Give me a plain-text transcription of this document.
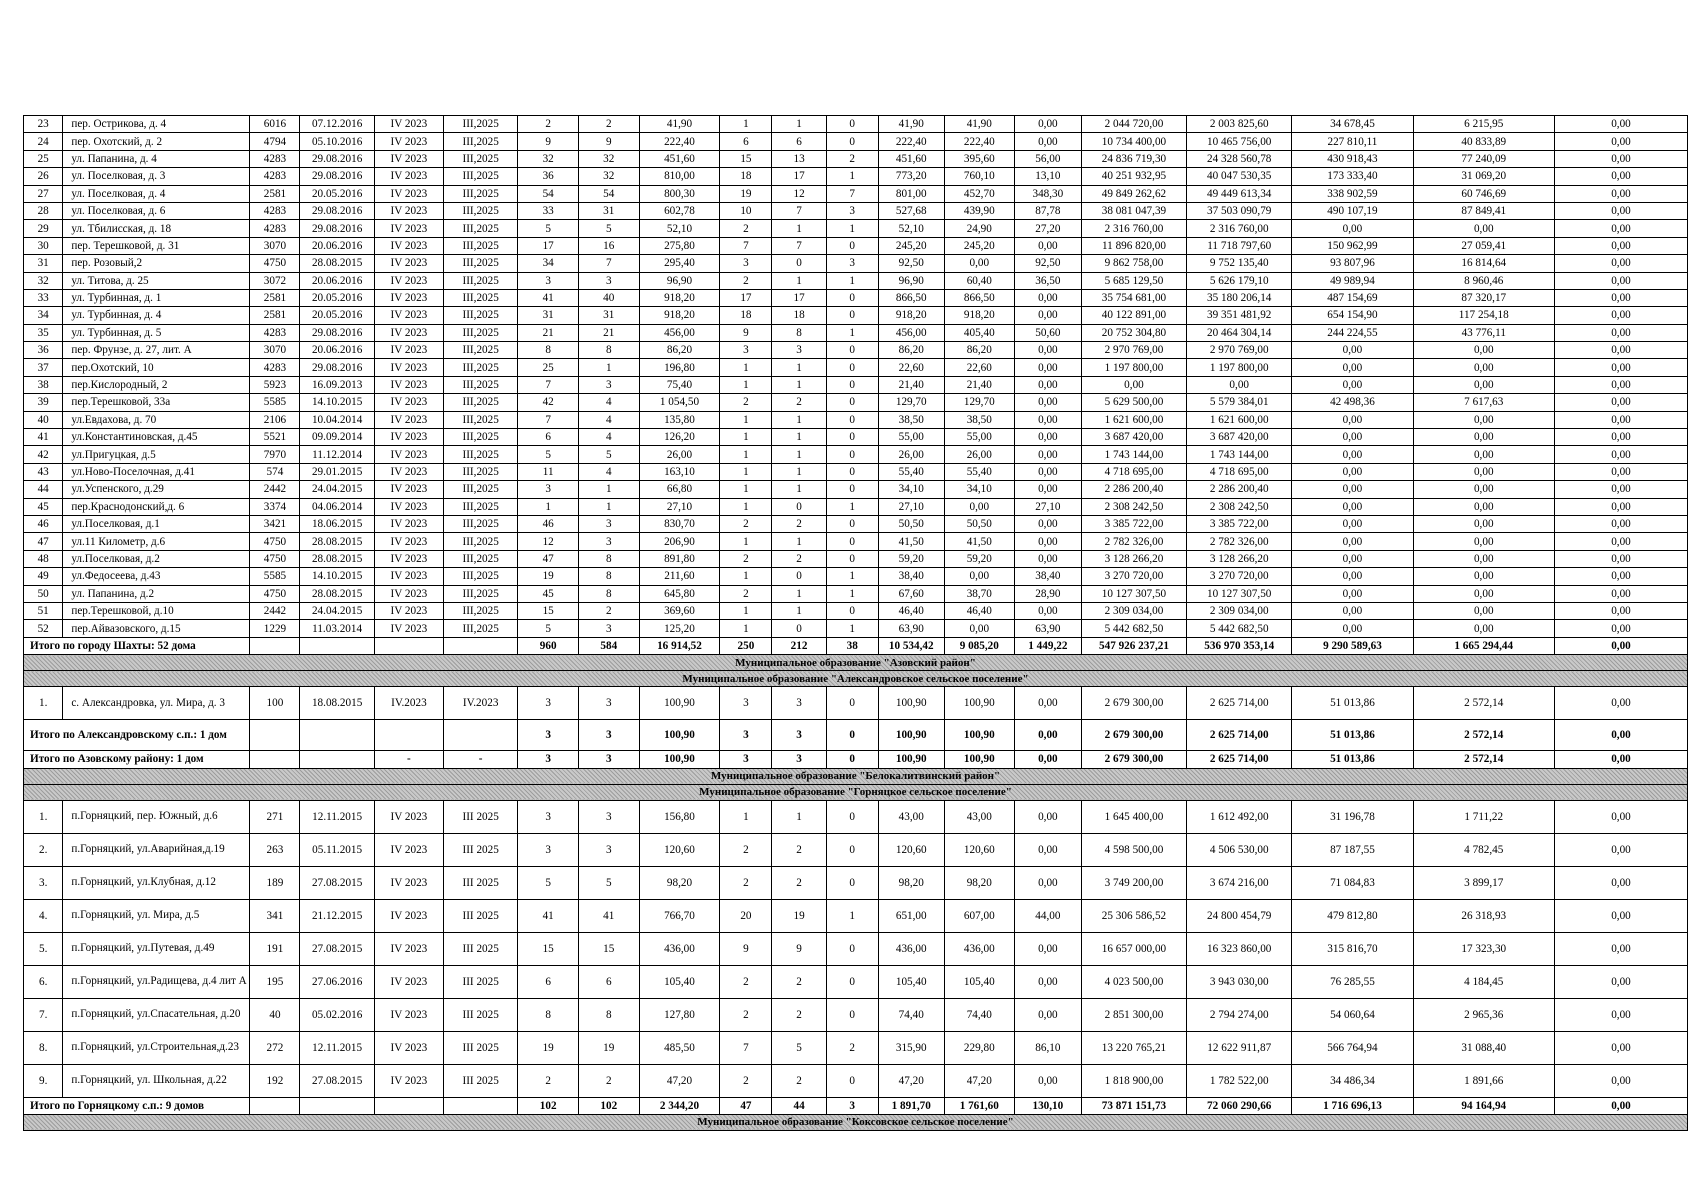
23	пер. Острикова, д. 4	6016	07.12.2016	IV 2023	III,2025	2	2	41,90	1	1	0	41,90	41,90	0,00	2 044 720,00	2 003 825,60	34 678,45	6 215,95	0,00
24	пер. Охотский, д. 2	4794	05.10.2016	IV 2023	III,2025	9	9	222,40	6	6	0	222,40	222,40	0,00	10 734 400,00	10 465 756,00	227 810,11	40 833,89	0,00
25	ул. Папанина, д. 4	4283	29.08.2016	IV 2023	III,2025	32	32	451,60	15	13	2	451,60	395,60	56,00	24 836 719,30	24 328 560,78	430 918,43	77 240,09	0,00
26	ул. Поселковая, д. 3	4283	29.08.2016	IV 2023	III,2025	36	32	810,00	18	17	1	773,20	760,10	13,10	40 251 932,95	40 047 530,35	173 333,40	31 069,20	0,00
27	ул. Поселковая, д. 4	2581	20.05.2016	IV 2023	III,2025	54	54	800,30	19	12	7	801,00	452,70	348,30	49 849 262,62	49 449 613,34	338 902,59	60 746,69	0,00
28	ул. Поселковая, д. 6	4283	29.08.2016	IV 2023	III,2025	33	31	602,78	10	7	3	527,68	439,90	87,78	38 081 047,39	37 503 090,79	490 107,19	87 849,41	0,00
29	ул. Тбилисская, д. 18	4283	29.08.2016	IV 2023	III,2025	5	5	52,10	2	1	1	52,10	24,90	27,20	2 316 760,00	2 316 760,00	0,00	0,00	0,00
30	пер. Терешковой, д. 31	3070	20.06.2016	IV 2023	III,2025	17	16	275,80	7	7	0	245,20	245,20	0,00	11 896 820,00	11 718 797,60	150 962,99	27 059,41	0,00
31	пер. Розовый,2	4750	28.08.2015	IV 2023	III,2025	34	7	295,40	3	0	3	92,50	0,00	92,50	9 862 758,00	9 752 135,40	93 807,96	16 814,64	0,00
32	ул. Титова, д. 25	3072	20.06.2016	IV 2023	III,2025	3	3	96,90	2	1	1	96,90	60,40	36,50	5 685 129,50	5 626 179,10	49 989,94	8 960,46	0,00
33	ул. Турбинная, д. 1	2581	20.05.2016	IV 2023	III,2025	41	40	918,20	17	17	0	866,50	866,50	0,00	35 754 681,00	35 180 206,14	487 154,69	87 320,17	0,00
34	ул. Турбинная, д. 4	2581	20.05.2016	IV 2023	III,2025	31	31	918,20	18	18	0	918,20	918,20	0,00	40 122 891,00	39 351 481,92	654 154,90	117 254,18	0,00
35	ул. Турбинная, д. 5	4283	29.08.2016	IV 2023	III,2025	21	21	456,00	9	8	1	456,00	405,40	50,60	20 752 304,80	20 464 304,14	244 224,55	43 776,11	0,00
36	пер. Фрунзе, д. 27, лит. А	3070	20.06.2016	IV 2023	III,2025	8	8	86,20	3	3	0	86,20	86,20	0,00	2 970 769,00	2 970 769,00	0,00	0,00	0,00
37	пер.Охотский, 10	4283	29.08.2016	IV 2023	III,2025	25	1	196,80	1	1	0	22,60	22,60	0,00	1 197 800,00	1 197 800,00	0,00	0,00	0,00
38	пер.Кислородный, 2	5923	16.09.2013	IV 2023	III,2025	7	3	75,40	1	1	0	21,40	21,40	0,00	0,00	0,00	0,00	0,00	0,00
39	пер.Терешковой, 33а	5585	14.10.2015	IV 2023	III,2025	42	4	1 054,50	2	2	0	129,70	129,70	0,00	5 629 500,00	5 579 384,01	42 498,36	7 617,63	0,00
40	ул.Евдахова, д. 70	2106	10.04.2014	IV 2023	III,2025	7	4	135,80	1	1	0	38,50	38,50	0,00	1 621 600,00	1 621 600,00	0,00	0,00	0,00
41	ул.Константиновская, д.45	5521	09.09.2014	IV 2023	III,2025	6	4	126,20	1	1	0	55,00	55,00	0,00	3 687 420,00	3 687 420,00	0,00	0,00	0,00
42	ул.Пригуцкая, д.5	7970	11.12.2014	IV 2023	III,2025	5	5	26,00	1	1	0	26,00	26,00	0,00	1 743 144,00	1 743 144,00	0,00	0,00	0,00
43	ул.Ново-Поселочная, д.41	574	29.01.2015	IV 2023	III,2025	11	4	163,10	1	1	0	55,40	55,40	0,00	4 718 695,00	4 718 695,00	0,00	0,00	0,00
44	ул.Успенского, д.29	2442	24.04.2015	IV 2023	III,2025	3	1	66,80	1	1	0	34,10	34,10	0,00	2 286 200,40	2 286 200,40	0,00	0,00	0,00
45	пер.Краснодонский,д. 6	3374	04.06.2014	IV 2023	III,2025	1	1	27,10	1	0	1	27,10	0,00	27,10	2 308 242,50	2 308 242,50	0,00	0,00	0,00
46	ул.Поселковая, д.1	3421	18.06.2015	IV 2023	III,2025	46	3	830,70	2	2	0	50,50	50,50	0,00	3 385 722,00	3 385 722,00	0,00	0,00	0,00
47	ул.11 Километр, д.6	4750	28.08.2015	IV 2023	III,2025	12	3	206,90	1	1	0	41,50	41,50	0,00	2 782 326,00	2 782 326,00	0,00	0,00	0,00
48	ул.Поселковая, д.2	4750	28.08.2015	IV 2023	III,2025	47	8	891,80	2	2	0	59,20	59,20	0,00	3 128 266,20	3 128 266,20	0,00	0,00	0,00
49	ул.Федосеева, д.43	5585	14.10.2015	IV 2023	III,2025	19	8	211,60	1	0	1	38,40	0,00	38,40	3 270 720,00	3 270 720,00	0,00	0,00	0,00
50	ул. Папанина, д.2	4750	28.08.2015	IV 2023	III,2025	45	8	645,80	2	1	1	67,60	38,70	28,90	10 127 307,50	10 127 307,50	0,00	0,00	0,00
51	пер.Терешковой, д.10	2442	24.04.2015	IV 2023	III,2025	15	2	369,60	1	1	0	46,40	46,40	0,00	2 309 034,00	2 309 034,00	0,00	0,00	0,00
52	пер.Айвазовского, д.15	1229	11.03.2014	IV 2023	III,2025	5	3	125,20	1	0	1	63,90	0,00	63,90	5 442 682,50	5 442 682,50	0,00	0,00	0,00
Итого по городу Шахты: 52 дома						960	584	16 914,52	250	212	38	10 534,42	9 085,20	1 449,22	547 926 237,21	536 970 353,14	9 290 589,63	1 665 294,44	0,00
Муниципальное образование "Азовский район"																			
Муниципальное образование "Александровское сельское поселение"																			
1.	с. Александровка, ул. Мира, д. 3	100	18.08.2015	IV.2023	IV.2023	3	3	100,90	3	3	0	100,90	100,90	0,00	2 679 300,00	2 625 714,00	51 013,86	2 572,14	0,00
Итого по Александровскому с.п.: 1 дом						3	3	100,90	3	3	0	100,90	100,90	0,00	2 679 300,00	2 625 714,00	51 013,86	2 572,14	0,00
Итого по Азовскому району: 1 дом				-	-	3	3	100,90	3	3	0	100,90	100,90	0,00	2 679 300,00	2 625 714,00	51 013,86	2 572,14	0,00
Муниципальное образование "Белокалитвинский район"																			
Муниципальное образование "Горняцкое сельское поселение"																			
1.	п.Горняцкий, пер. Южный, д.6	271	12.11.2015	IV 2023	III 2025	3	3	156,80	1	1	0	43,00	43,00	0,00	1 645 400,00	1 612 492,00	31 196,78	1 711,22	0,00
2.	п.Горняцкий, ул.Аварийная,д.19	263	05.11.2015	IV 2023	III 2025	3	3	120,60	2	2	0	120,60	120,60	0,00	4 598 500,00	4 506 530,00	87 187,55	4 782,45	0,00
3.	п.Горняцкий, ул.Клубная, д.12	189	27.08.2015	IV 2023	III 2025	5	5	98,20	2	2	0	98,20	98,20	0,00	3 749 200,00	3 674 216,00	71 084,83	3 899,17	0,00
4.	п.Горняцкий, ул. Мира, д.5	341	21.12.2015	IV 2023	III 2025	41	41	766,70	20	19	1	651,00	607,00	44,00	25 306 586,52	24 800 454,79	479 812,80	26 318,93	0,00
5.	п.Горняцкий, ул.Путевая, д.49	191	27.08.2015	IV 2023	III 2025	15	15	436,00	9	9	0	436,00	436,00	0,00	16 657 000,00	16 323 860,00	315 816,70	17 323,30	0,00
6.	п.Горняцкий, ул.Радищева, д.4 лит А	195	27.06.2016	IV 2023	III 2025	6	6	105,40	2	2	0	105,40	105,40	0,00	4 023 500,00	3 943 030,00	76 285,55	4 184,45	0,00
7.	п.Горняцкий, ул.Спасательная, д.20	40	05.02.2016	IV 2023	III 2025	8	8	127,80	2	2	0	74,40	74,40	0,00	2 851 300,00	2 794 274,00	54 060,64	2 965,36	0,00
8.	п.Горняцкий, ул.Строительная,д.23	272	12.11.2015	IV 2023	III 2025	19	19	485,50	7	5	2	315,90	229,80	86,10	13 220 765,21	12 622 911,87	566 764,94	31 088,40	0,00
9.	п.Горняцкий, ул. Школьная, д.22	192	27.08.2015	IV 2023	III 2025	2	2	47,20	2	2	0	47,20	47,20	0,00	1 818 900,00	1 782 522,00	34 486,34	1 891,66	0,00
Итого по Горняцкому с.п.: 9 домов						102	102	2 344,20	47	44	3	1 891,70	1 761,60	130,10	73 871 151,73	72 060 290,66	1 716 696,13	94 164,94	0,00
Муниципальное образование "Коксовское сельское поселение"																			
